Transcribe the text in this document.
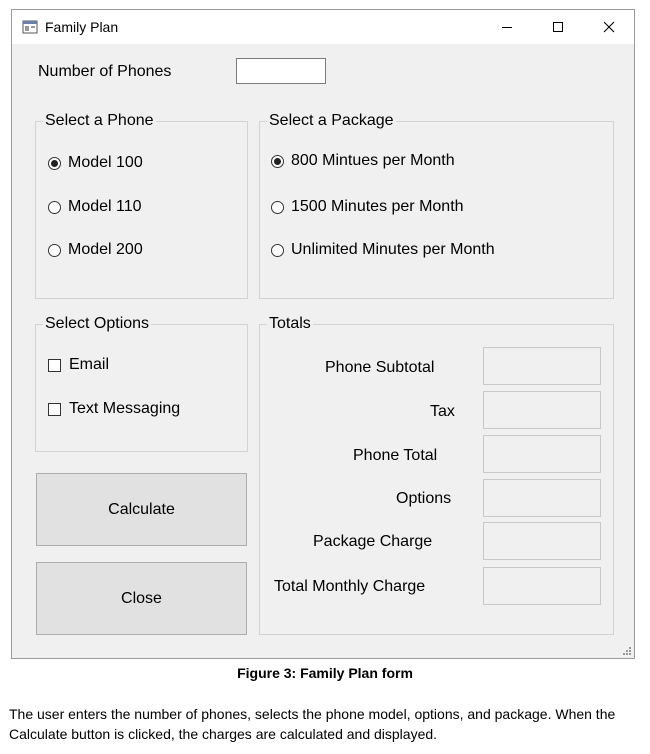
Family Plan
Number of Phones
Select a Phone
Model 100
Model 110
Model 200
Select a Package
800 Mintues per Month
1500 Minutes per Month
Unlimited Minutes per Month
Select Options
Email
Text Messaging
Totals
Phone Subtotal
Tax
Phone Total
Options
Package Charge
Total Monthly Charge
Calculate
Close
Figure 3: Family Plan form
The user enters the number of phones, selects the phone model, options, and package. When the Calculate button is clicked, the charges are calculated and displayed.
